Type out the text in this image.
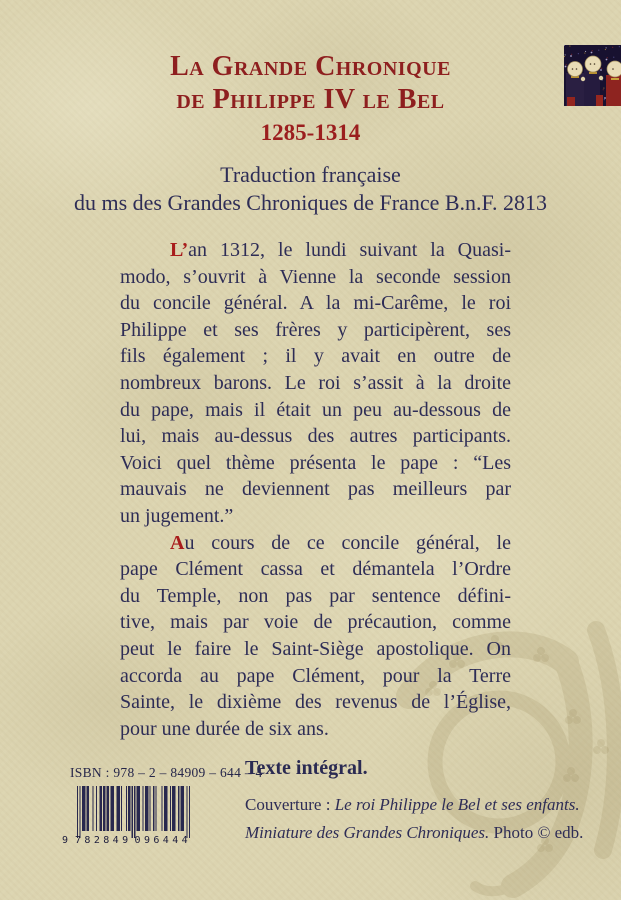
La Grande Chronique
de Philippe IV le Bel
1285-1314
Traduction française
du ms des Grandes Chroniques de France B.n.F. 2813
L’an 1312, le lundi suivant la Quasi-
modo, s’ouvrit à Vienne la seconde session
du concile général. A la mi-Carême, le roi
Philippe et ses frères y participèrent, ses
fils également ; il y avait en outre de
nombreux barons. Le roi s’assit à la droite
du pape, mais il était un peu au-dessous de
lui, mais au-dessus des autres participants.
Voici quel thème présenta le pape : “Les
mauvais ne deviennent pas meilleurs par
un jugement.”
Au cours de ce concile général, le
pape Clément cassa et démantela l’Ordre
du Temple, non pas par sentence défini-
tive, mais par voie de précaution, comme
peut le faire le Saint-Siège apostolique. On
accorda au pape Clément, pour la Terre
Sainte, le dixième des revenus de l’Église,
pour une durée de six ans.
ISBN : 978 – 2 – 84909 – 644 – 4
Texte intégral.
9 782849 096444
Couverture : Le roi Philippe le Bel et ses enfants.
Miniature des Grandes Chroniques. Photo © edb.
